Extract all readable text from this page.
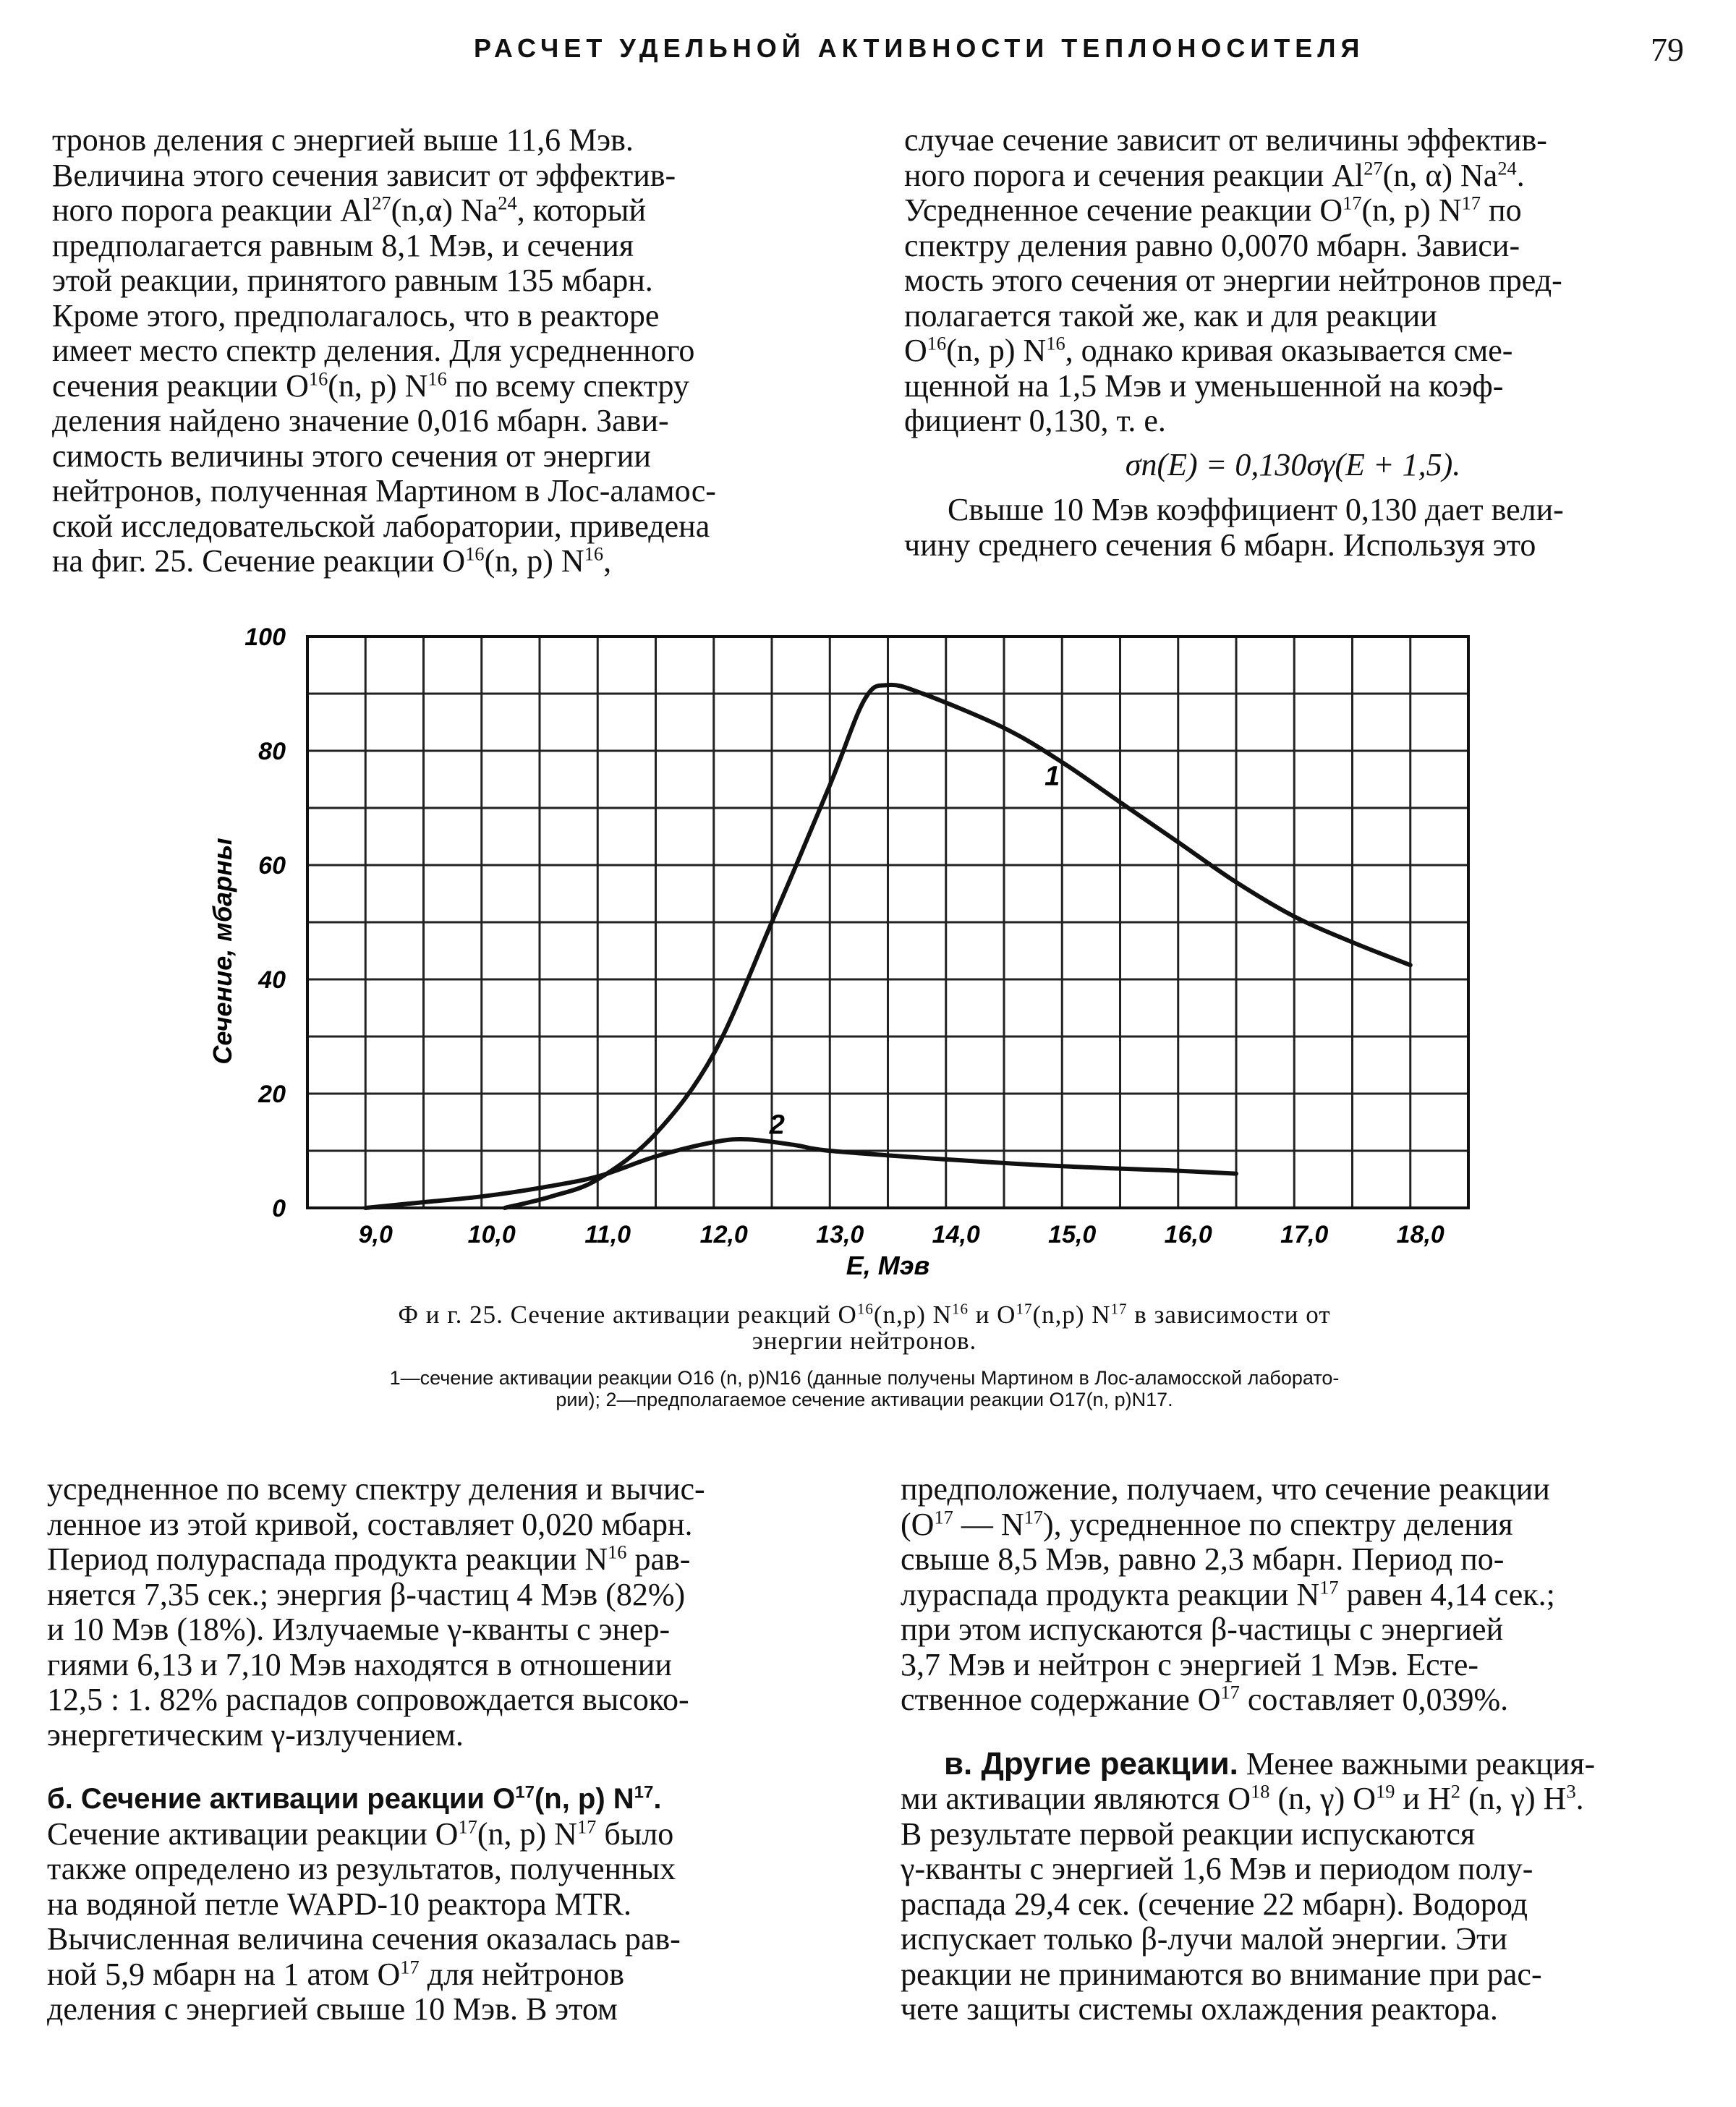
РАСЧЕТ УДЕЛЬНОЙ АКТИВНОСТИ ТЕПЛОНОСИТЕЛЯ	79

тронов деления с энергией выше 11,6 Мэв.

Величина этого сечения зависит от эффектив-

ного порога реакции Al$^{27}$(n,α) Na$^{24}$, который

предполагается равным 8,1 Мэв, и сечения

этой реакции, принятого равным 135 мбарн.

Кроме этого, предполагалось, что в реакторе

имеет место спектр деления. Для усредненного

сечения реакции $O^{16}(n$, p) $N^{16}$ по всему спектру

деления найдено значение 0,016 мбарн. Зави-

симость величины этого сечения от энергии

нейтронов, полученная Мартином в Лос-аламос-

ской исследовательской лаборатории, приведена

на фиг. 25. Сечение реакции $O^{16}(n$, p) $N^{16}$,

случае сечение зависит от величины эффектив-

ного порога и сечения реакции Al$^{27}$(n, α) Na$^{24}$.

Усредненное сечение реакции $O^{17}(n$, p) $N^{17}$ по

спектру деления равно 0,0070 мбарн. Зависи-

мость этого сечения от энергии нейтронов пред-

полагается такой же, как и для реакции

$O^{16}(n$, p) $N^{16}$, однако кривая оказывается сме-

щенной на 1,5 Мэв и уменьшенной на коэф-

фициент 0,130, т. е.

σn(E) = 0,130σγ(E + 1,5).

Свыше 10 Мэв коэффициент 0,130 дает вели-

чину среднего сечения 6 мбарн. Используя это

9,0	10,0	11,0	12,0	13,0	14,0	15,0	16,0	17,0	18,0
0
20
40
60
80
100
E, Мэв
Сечение, мбарны
1
2
Ф и г. 25. Сечение активации реакций $O^{16}(n,p)$ $N^{16}$ и $O^{17}(n,p)$ $N^{17}$ в зависимости от
энергии нейтронов.
1—сечение активации реакции O16 (n, p)N16 (данные получены Мартином в Лос-аламосской лаборато-
рии); 2—предполагаемое сечение активации реакции O17(n, p)N17.

усредненное по всему спектру деления и вычис-

ленное из этой кривой, составляет 0,020 мбарн.

Период полураспада продукта реакции $N^{16}$ рав-

няется 7,35 сек.; энергия β-частиц 4 Мэв (82%)

и 10 Мэв (18%). Излучаемые γ-кванты с энер-

гиями 6,13 и 7,10 Мэв находятся в отношении

12,5 : 1. 82% распадов сопровождается высоко-

энергетическим γ-излучением.

б. Сечение активации реакции $O^{17}(n$, p) $N^{17}$.

Сечение активации реакции $O^{17}(n$, p) $N^{17}$ было

также определено из результатов, полученных

на водяной петле WAPD-10 реактора MTR.

Вычисленная величина сечения оказалась рав-

ной 5,9 мбарн на 1 атом $O^{17}$ для нейтронов

деления с энергией свыше 10 Мэв. В этом

предположение, получаем, что сечение реакции

($O^{17}$ — $N^{17}$), усредненное по спектру деления

свыше 8,5 Мэв, равно 2,3 мбарн. Период по-

лураспада продукта реакции $N^{17}$ равен 4,14 сек.;

при этом испускаются β-частицы с энергией

3,7 Мэв и нейтрон с энергией 1 Мэв. Есте-

ственное содержание $O^{17}$ составляет 0,039%.

в. Другие реакции. Менее важными реакция-

ми активации являются $O^{18}$ (n, γ) $O^{19}$ и $H^2$ (n, γ) $H^3$.

В результате первой реакции испускаются

γ-кванты с энергией 1,6 Мэв и периодом полу-

распада 29,4 сек. (сечение 22 мбарн). Водород

испускает только β-лучи малой энергии. Эти

реакции не принимаются во внимание при рас-

чете защиты системы охлаждения реактора.
